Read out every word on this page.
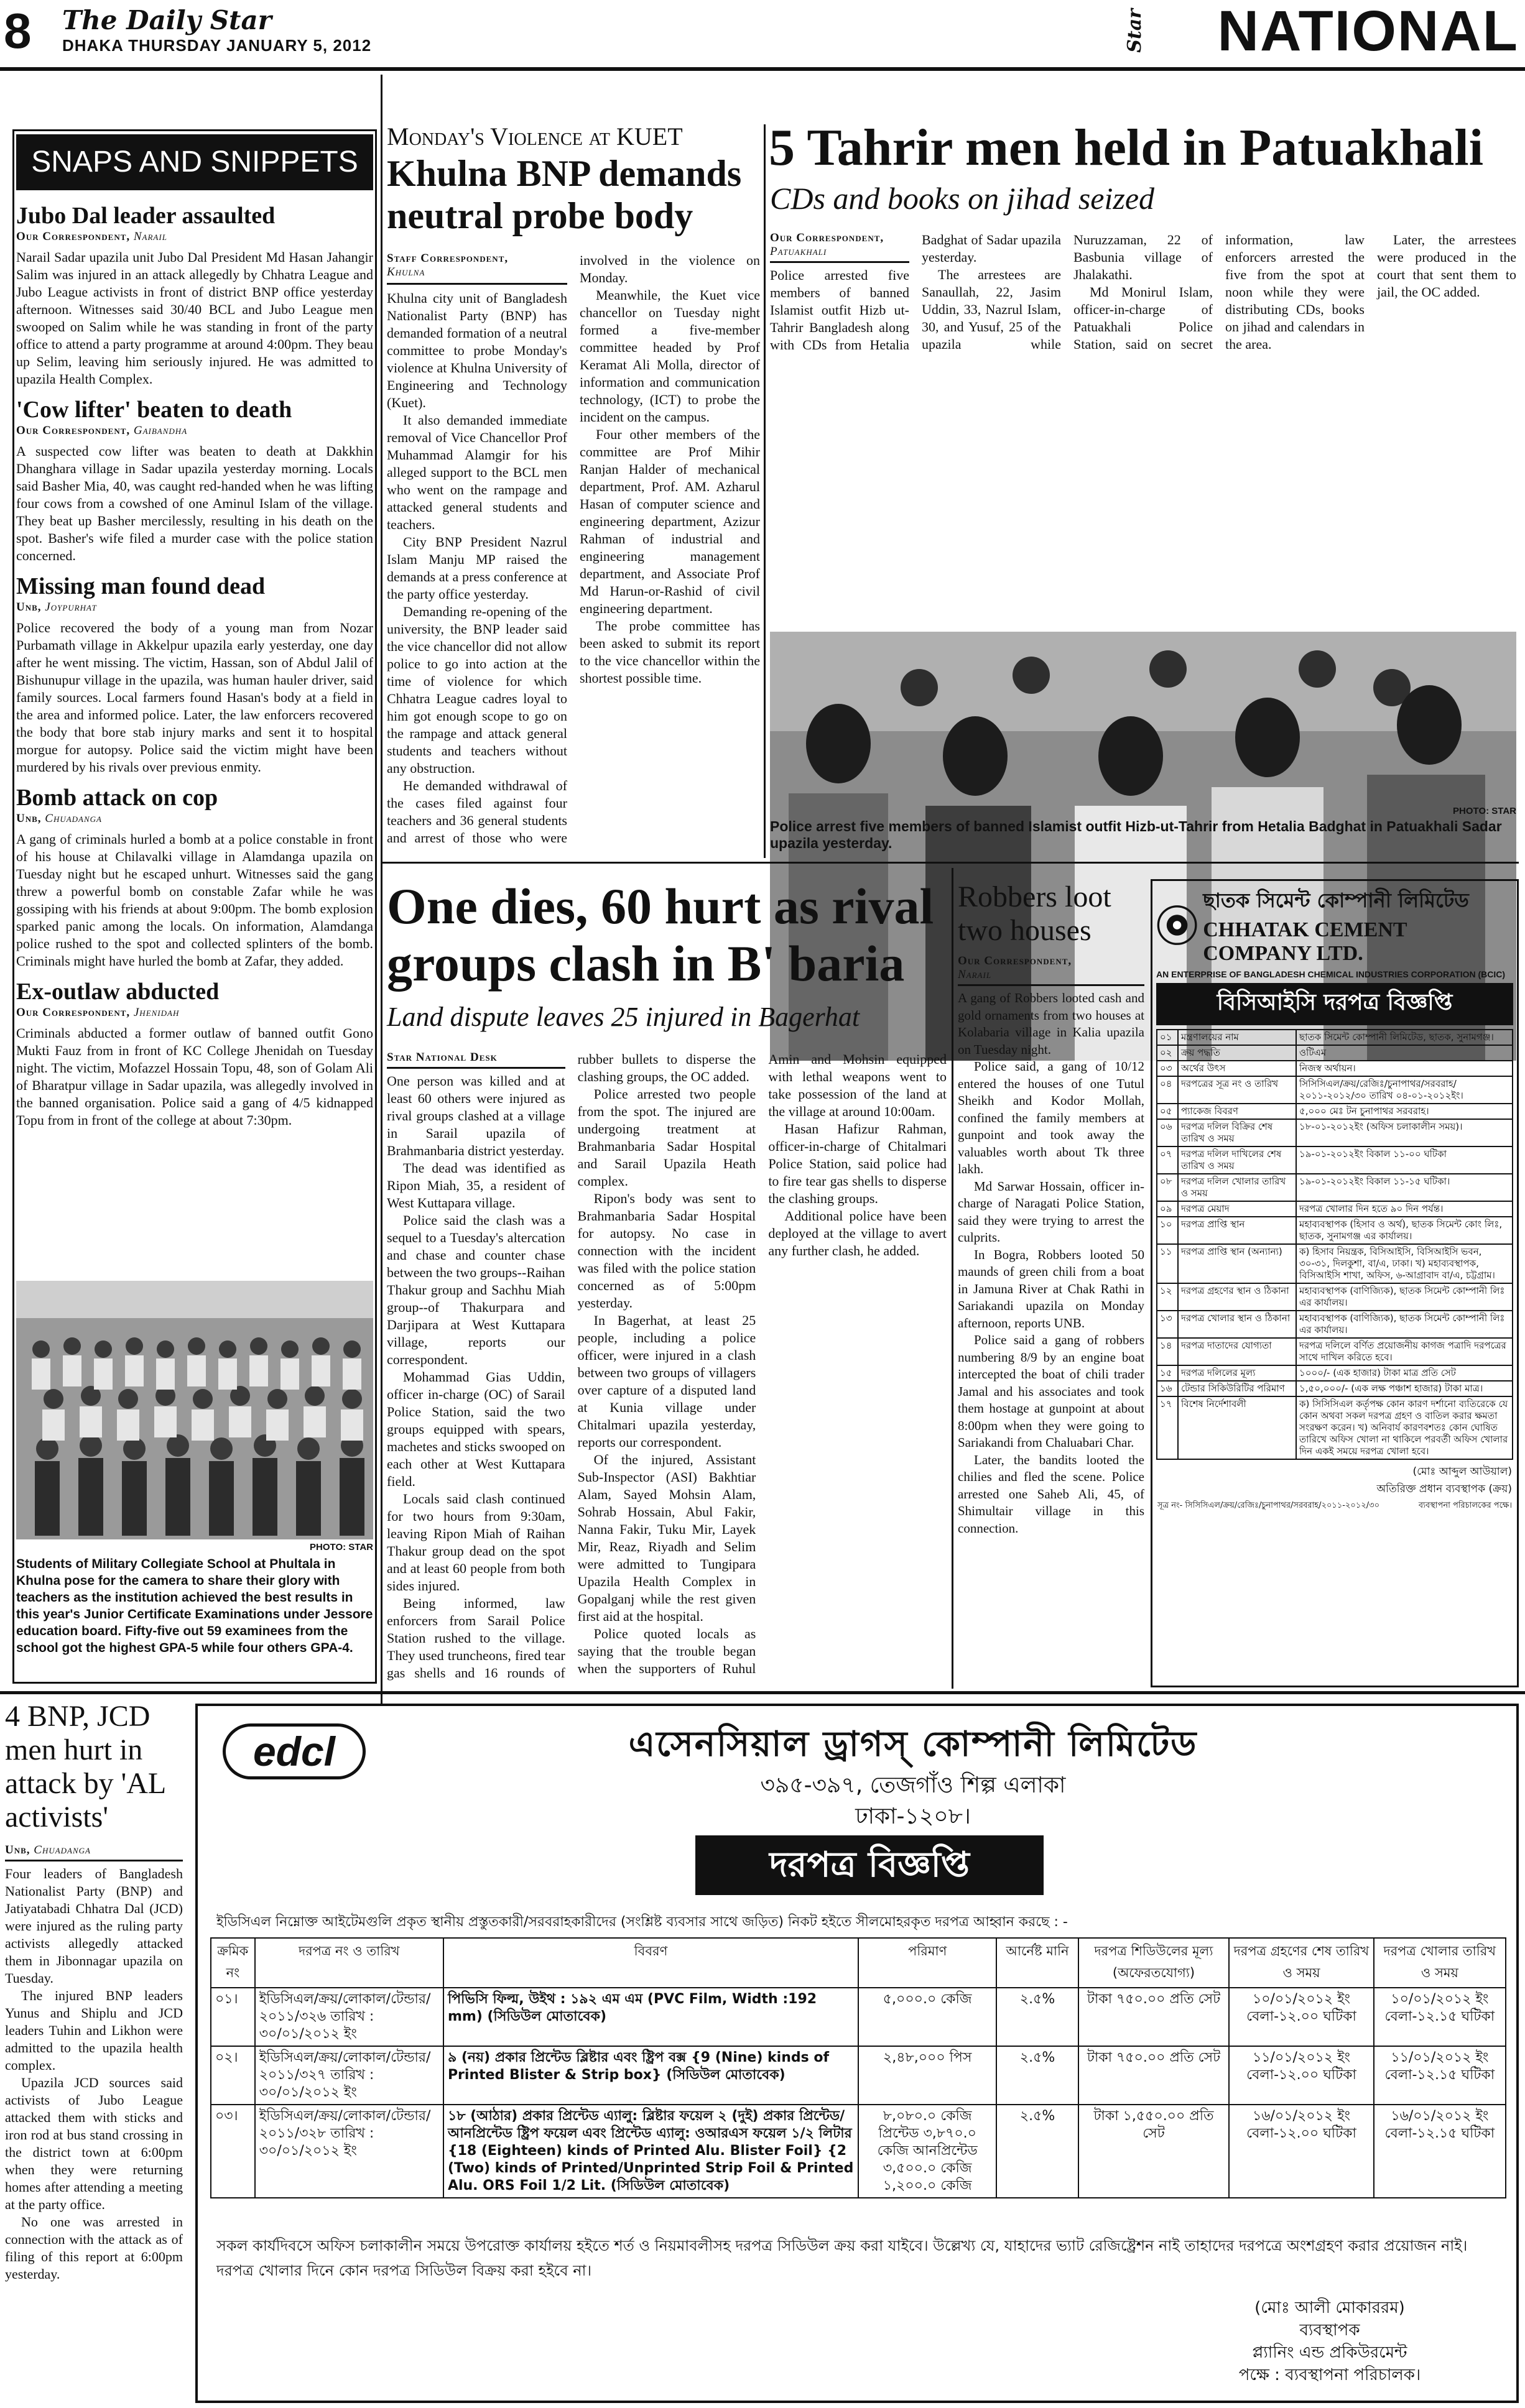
8 The Daily Star
DHAKA THURSDAY JANUARY 5, 2012	Star NATIONAL
SNAPS AND SNIPPETS
Jubo Dal leader assaulted
Our Correspondent, Narail

Narail Sadar upazila unit Jubo Dal President Md Hasan Jahangir Salim was injured in an attack allegedly by Chhatra League and Jubo League activists in front of district BNP office yesterday afternoon. Witnesses said 30/40 BCL and Jubo League men swooped on Salim while he was standing in front of the party office to attend a party programme at around 4:00pm. They beau up Selim, leaving him seriously injured. He was admitted to upazila Health Complex.

'Cow lifter' beaten to death
Our Correspondent, Gaibandha

A suspected cow lifter was beaten to death at Dakkhin Dhanghara village in Sadar upazila yesterday morning. Locals said Basher Mia, 40, was caught red-handed when he was lifting four cows from a cowshed of one Aminul Islam of the village. They beat up Basher mercilessly, resulting in his death on the spot. Basher's wife filed a murder case with the police station concerned.

Missing man found dead
Unb, Joypurhat

Police recovered the body of a young man from Nozar Purbamath village in Akkelpur upazila early yesterday, one day after he went missing. The victim, Hassan, son of Abdul Jalil of Bishunupur village in the upazila, was human hauler driver, said family sources. Local farmers found Hasan's body at a field in the area and informed police. Later, the law enforcers recovered the body that bore stab injury marks and sent it to hospital morgue for autopsy. Police said the victim might have been murdered by his rivals over previous enmity.

Bomb attack on cop
Unb, Chuadanga

A gang of criminals hurled a bomb at a police constable in front of his house at Chilavalki village in Alamdanga upazila on Tuesday night but he escaped unhurt. Witnesses said the gang threw a powerful bomb on constable Zafar while he was gossiping with his friends at about 9:00pm. The bomb explosion sparked panic among the locals. On information, Alamdanga police rushed to the spot and collected splinters of the bomb. Criminals might have hurled the bomb at Zafar, they added.

Ex-outlaw abducted
Our Correspondent, Jhenidah

Criminals abducted a former outlaw of banned outfit Gono Mukti Fauz from in front of KC College Jhenidah on Tuesday night. The victim, Mofazzel Hossain Topu, 48, son of Golam Ali of Bharatpur village in Sadar upazila, was allegedly involved in the banned organisation. Police said a gang of 4/5 kidnapped Topu from in front of the college at about 7:30pm.

PHOTO: STAR
Students of Military Collegiate School at Phultala in Khulna pose for the camera to share their glory with teachers as the institution achieved the best results in this year's Junior Certificate Examinations under Jessore education board. Fifty-five out 59 examinees from the school got the highest GPA-5 while four others GPA-4.
Monday's Violence at KUET
Khulna BNP demands neutral probe body
Staff Correspondent,
Khulna

Khulna city unit of Bangladesh Nationalist Party (BNP) has demanded formation of a neutral committee to probe Monday's violence at Khulna University of Engineering and Technology (Kuet).

It also demanded immediate removal of Vice Chancellor Prof Muhammad Alamgir for his alleged support to the BCL men who went on the rampage and attacked general students and teachers.

City BNP President Nazrul Islam Manju MP raised the demands at a press conference at the party office yesterday.

Demanding re-opening of the university, the BNP leader said the vice chancellor did not allow police to go into action at the time of violence for which Chhatra League cadres loyal to him got enough scope to go on the rampage and attack general students and teachers without any obstruction.

He demanded withdrawal of the cases filed against four teachers and 36 general students and arrest of those who were involved in the violence on Monday.

Meanwhile, the Kuet vice chancellor on Tuesday night formed a five-member committee headed by Prof Keramat Ali Molla, director of information and communication technology, (ICT) to probe the incident on the campus.

Four other members of the committee are Prof Mihir Ranjan Halder of mechanical department, Prof. AM. Azharul Hasan of computer science and engineering department, Azizur Rahman of industrial and engineering management department, and Associate Prof Md Harun-or-Rashid of civil engineering department.

The probe committee has been asked to submit its report to the vice chancellor within the shortest possible time.

5 Tahrir men held in Patuakhali
CDs and books on jihad seized
Our Correspondent,
Patuakhali

Police arrested five members of banned Islamist outfit Hizb ut-Tahrir Bangladesh along with CDs from Hetalia Badghat of Sadar upazila yesterday.

The arrestees are Sanaullah, 22, Jasim Uddin, 33, Nazrul Islam, 30, and Yusuf, 25 of the upazila while Nuruzzaman, 22 of Basbunia village of Jhalakathi.

Md Monirul Islam, officer-in-charge of Patuakhali Police Station, said on secret information, law enforcers arrested the five from the spot at noon while they were distributing CDs, books on jihad and calendars in the area.

Later, the arrestees were produced in the court that sent them to jail, the OC added.

PHOTO: STAR
Police arrest five members of banned Islamist outfit Hizb-ut-Tahrir from Hetalia Badghat in Patuakhali Sadar upazila yesterday.
One dies, 60 hurt as rival groups clash in B' baria
Land dispute leaves 25 injured in Bagerhat
Star National Desk

One person was killed and at least 60 others were injured as rival groups clashed at a village in Sarail upazila of Brahmanbaria district yesterday.

The dead was identified as Ripon Miah, 35, a resident of West Kuttapara village.

Police said the clash was a sequel to a Tuesday's altercation and chase and counter chase between the two groups--Raihan Thakur group and Sachhu Miah group--of Thakurpara and Darjipara at West Kuttapara village, reports our correspondent.

Mohammad Gias Uddin, officer in-charge (OC) of Sarail Police Station, said the two groups equipped with spears, machetes and sticks swooped on each other at West Kuttapara field.

Locals said clash continued for two hours from 9:30am, leaving Ripon Miah of Raihan Thakur group dead on the spot and at least 60 people from both sides injured.

Being informed, law enforcers from Sarail Police Station rushed to the village. They used truncheons, fired tear gas shells and 16 rounds of rubber bullets to disperse the clashing groups, the OC added.

Police arrested two people from the spot. The injured are undergoing treatment at Brahmanbaria Sadar Hospital and Sarail Upazila Heath complex.

Ripon's body was sent to Brahmanbaria Sadar Hospital for autopsy. No case in connection with the incident was filed with the police station concerned as of 5:00pm yesterday.

In Bagerhat, at least 25 people, including a police officer, were injured in a clash between two groups of villagers over capture of a disputed land at Kunia village under Chitalmari upazila yesterday, reports our correspondent.

Of the injured, Assistant Sub-Inspector (ASI) Bakhtiar Alam, Sayed Mohsin Alam, Sohrab Hossain, Abul Fakir, Nanna Fakir, Tuku Mir, Layek Mir, Reaz, Riyadh and Selim were admitted to Tungipara Upazila Health Complex in Gopalganj while the rest given first aid at the hospital.

Police quoted locals as saying that the trouble began when the supporters of Ruhul Amin and Mohsin equipped with lethal weapons went to take possession of the land at the village at around 10:00am.

Hasan Hafizur Rahman, officer-in-charge of Chitalmari Police Station, said police had to fire tear gas shells to disperse the clashing groups.

Additional police have been deployed at the village to avert any further clash, he added.

Robbers loot two houses
Our Correspondent,
Narail

A gang of Robbers looted cash and gold ornaments from two houses at Kolabaria village in Kalia upazila on Tuesday night.

Police said, a gang of 10/12 entered the houses of one Tutul Sheikh and Kodor Mollah, confined the family members at gunpoint and took away the valuables worth about Tk three lakh.

Md Sarwar Hossain, officer in-charge of Naragati Police Station, said they were trying to arrest the culprits.

In Bogra, Robbers looted 50 maunds of green chili from a boat in Jamuna River at Chak Rathi in Sariakandi upazila on Monday afternoon, reports UNB.

Police said a gang of robbers numbering 8/9 by an engine boat intercepted the boat of chili trader Jamal and his associates and took them hostage at gunpoint at about 8:00pm when they were going to Sariakandi from Chaluabari Char.

Later, the bandits looted the chilies and fled the scene. Police arrested one Saheb Ali, 45, of Shimultair village in this connection.

ছাতক সিমেন্ট কোম্পানী লিমিটেড
CHHATAK CEMENT COMPANY LTD.
AN ENTERPRISE OF BANGLADESH CHEMICAL INDUSTRIES CORPORATION (BCIC)
বিসিআইসি দরপত্র বিজ্ঞপ্তি
০১	মন্ত্রণালয়ের নাম	ছাতক সিমেন্ট কোম্পানী লিমিটেড, ছাতক, সুনামগঞ্জ।
০২	ক্রয় পদ্ধতি	ওটিএম
০৩	অর্থের উৎস	নিজস্ব অর্থায়ন।
০৪	দরপত্রের সূত্র নং ও তারিখ	সিসিসিএল/ক্রয়/রেজিঃ/চুনাপাথর/সরবরাহ/২০১১-২০১২/৩০ তারিখ ০৪-০১-২০১২ইং।
০৫	প্যাকেজ বিবরণ	৫,০০০ মেঃ টন চুনাপাথর সরবরাহ।
০৬	দরপত্র দলিল বিক্রির শেষ তারিখ ও সময়	১৮-০১-২০১২ইং (অফিস চলাকালীন সময়)।
০৭	দরপত্র দলিল দাখিলের শেষ তারিখ ও সময়	১৯-০১-২০১২ইং বিকাল ১১-০০ ঘটিকা
০৮	দরপত্র দলিল খোলার তারিখ ও সময়	১৯-০১-২০১২ইং বিকাল ১১-১৫ ঘটিকা।
০৯	দরপত্র মেয়াদ	দরপত্র খোলার দিন হতে ৯০ দিন পর্যন্ত।
১০	দরপত্র প্রাপ্তি স্থান	মহাব্যবস্থাপক (হিসাব ও অর্থ), ছাতক সিমেন্ট কোং লিঃ, ছাতক, সুনামগঞ্জ এর কার্যালয়।
১১	দরপত্র প্রাপ্তি স্থান (অন্যান্য)	ক) হিসাব নিয়ন্ত্রক, বিসিআইসি, বিসিআইসি ভবন, ৩০-৩১, দিলকুশা, বা/এ, ঢাকা। খ) মহাব্যবস্থাপক, বিসিআইসি শাখা, অফিস, ৬-আগ্রাবাদ বা/এ, চট্টগ্রাম।
১২	দরপত্র গ্রহণের স্থান ও ঠিকানা	মহাব্যবস্থাপক (বাণিজ্যিক), ছাতক সিমেন্ট কোম্পানী লিঃ এর কার্যালয়।
১৩	দরপত্র খোলার স্থান ও ঠিকানা	মহাব্যবস্থাপক (বাণিজ্যিক), ছাতক সিমেন্ট কোম্পানী লিঃ এর কার্যালয়।
১৪	দরপত্র দাতাদের যোগ্যতা	দরপত্র দলিলে বর্ণিত প্রয়োজনীয় কাগজ পত্রাদি দরপত্রের সাথে দাখিল করিতে হবে।
১৫	দরপত্র দলিলের মূল্য	১০০০/- (এক হাজার) টাকা মাত্র প্রতি সেট
১৬	টেন্ডার সিকিউরিটির পরিমাণ	১,৫০,০০০/- (এক লক্ষ পঞ্চাশ হাজার) টাকা মাত্র।
১৭	বিশেষ নির্দেশাবলী	ক) সিসিসিএল কর্তৃপক্ষ কোন কারণ দর্শানো ব্যতিরেকে যে কোন অথবা সকল দরপত্র গ্রহণ ও বাতিল করার ক্ষমতা সংরক্ষণ করেন। খ) অনিবার্য কারণবশতঃ কোন ঘোষিত তারিখে অফিস খোলা না থাকিলে পরবর্তী অফিস খোলার দিন একই সময়ে দরপত্র খোলা হবে।
(মোঃ আব্দুল আউয়াল)
অতিরিক্ত প্রধান ব্যবস্থাপক (ক্রয়)
সূত্র নং- সিসিসিএল/ক্রয়/রেজিঃ/চুনাপাথর/সরবরাহ/২০১১-২০১২/৩০	ব্যবস্থাপনা পরিচালকের পক্ষে।
4 BNP, JCD men hurt in attack by 'AL activists'
Unb, Chuadanga

Four leaders of Bangladesh Nationalist Party (BNP) and Jatiyatabadi Chhatra Dal (JCD) were injured as the ruling party activists allegedly attacked them in Jibonnagar upazila on Tuesday.

The injured BNP leaders Yunus and Shiplu and JCD leaders Tuhin and Likhon were admitted to the upazila health complex.

Upazila JCD sources said activists of Jubo League attacked them with sticks and iron rod at bus stand crossing in the district town at 6:00pm when they were returning homes after attending a meeting at the party office.

No one was arrested in connection with the attack as of filing of this report at 6:00pm yesterday.

edcl	এসেনসিয়াল ড্রাগস্ কোম্পানী লিমিটেড
৩৯৫-৩৯৭, তেজগাঁও শিল্প এলাকা
ঢাকা-১২০৮।
দরপত্র বিজ্ঞপ্তি
ইডিসিএল নিম্নোক্ত আইটেমগুলি প্রকৃত স্থানীয় প্রস্তুতকারী/সরবরাহকারীদের (সংশ্লিষ্ট ব্যবসার সাথে জড়িত) নিকট হইতে সীলমোহরকৃত দরপত্র আহ্বান করছে : -
ক্রমিক নং	দরপত্র নং ও তারিখ	বিবরণ	পরিমাণ	আর্নেষ্ট মানি	দরপত্র শিডিউলের মূল্য (অফেরতযোগ্য)	দরপত্র গ্রহণের শেষ তারিখ ও সময়	দরপত্র খোলার তারিখ ও সময়
০১।	ইডিসিএল/ক্রয়/লোকাল/টেন্ডার/২০১১/৩২৬ তারিখ : ৩০/০১/২০১২ ইং	পিভিসি ফিল্ম, উইথ : ১৯২ এম এম (PVC Film, Width :192 mm) (সিডিউল মোতাবেক)	৫,০০০.০ কেজি	২.৫%	টাকা ৭৫০.০০ প্রতি সেট	১০/০১/২০১২ ইং বেলা-১২.০০ ঘটিকা	১০/০১/২০১২ ইং বেলা-১২.১৫ ঘটিকা
০২।	ইডিসিএল/ক্রয়/লোকাল/টেন্ডার/২০১১/৩২৭ তারিখ : ৩০/০১/২০১২ ইং	৯ (নয়) প্রকার প্রিন্টেড ব্লিষ্টার এবং ষ্ট্রিপ বক্স {9 (Nine) kinds of Printed Blister & Strip box} (সিডিউল মোতাবেক)	২,৪৮,০০০ পিস	২.৫%	টাকা ৭৫০.০০ প্রতি সেট	১১/০১/২০১২ ইং বেলা-১২.০০ ঘটিকা	১১/০১/২০১২ ইং বেলা-১২.১৫ ঘটিকা
০৩।	ইডিসিএল/ক্রয়/লোকাল/টেন্ডার/২০১১/৩২৮ তারিখ : ৩০/০১/২০১২ ইং	১৮ (আঠার) প্রকার প্রিন্টেড এ্যালু: ব্লিষ্টার ফয়েল ২ (দুই) প্রকার প্রিন্টেড/আনপ্রিন্টেড ষ্ট্রিপ ফয়েল এবং প্রিন্টেড এ্যালু: ওআরএস ফয়েল ১/২ লিটার {18 (Eighteen) kinds of Printed Alu. Blister Foil} {2 (Two) kinds of Printed/Unprinted Strip Foil & Printed Alu. ORS Foil 1/2 Lit. (সিডিউল মোতাবেক)	৮,০৮০.০ কেজি প্রিন্টেড ৩,৮৭০.০ কেজি আনপ্রিন্টেড ৩,৫০০.০ কেজি ১,২০০.০ কেজি	২.৫%	টাকা ১,৫৫০.০০ প্রতি সেট	১৬/০১/২০১২ ইং বেলা-১২.০০ ঘটিকা	১৬/০১/২০১২ ইং বেলা-১২.১৫ ঘটিকা
সকল কার্যদিবসে অফিস চলাকালীন সময়ে উপরোক্ত কার্যালয় হইতে শর্ত ও নিয়মাবলীসহ দরপত্র সিডিউল ক্রয় করা যাইবে। উল্লেখ্য যে, যাহাদের ভ্যাট রেজিষ্ট্রেশন নাই তাহাদের দরপত্রে অংশগ্রহণ করার প্রয়োজন নাই। দরপত্র খোলার দিনে কোন দরপত্র সিডিউল বিক্রয় করা হইবে না।
(মোঃ আলী মোকাররম)
ব্যবস্থাপক
প্ল্যানিং এন্ড প্রকিউরমেন্ট
পক্ষে : ব্যবস্থাপনা পরিচালক।
